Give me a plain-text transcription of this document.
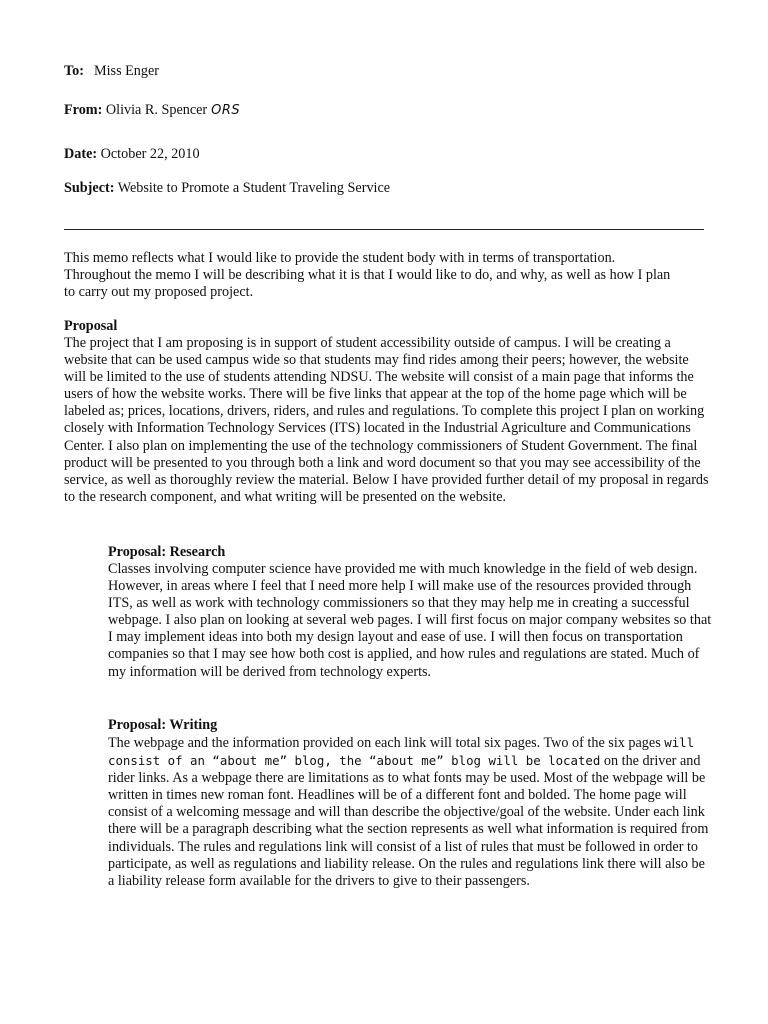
To: Miss Enger
From: Olivia R. Spencer ORS
Date: October 22, 2010
Subject: Website to Promote a Student Traveling Service

This memo reflects what I would like to provide the student body with in terms of transportation. Throughout the memo I will be describing what it is that I would like to do, and why, as well as how I plan to carry out my proposed project.

Proposal

The project that I am proposing is in support of student accessibility outside of campus. I will be creating a website that can be used campus wide so that students may find rides among their peers; however, the website will be limited to the use of students attending NDSU. The website will consist of a main page that informs the users of how the website works. There will be five links that appear at the top of the home page which will be labeled as; prices, locations, drivers, riders, and rules and regulations. To complete this project I plan on working closely with Information Technology Services (ITS) located in the Industrial Agriculture and Communications Center. I also plan on implementing the use of the technology commissioners of Student Government. The final product will be presented to you through both a link and word document so that you may see accessibility of the service, as well as thoroughly review the material. Below I have provided further detail of my proposal in regards to the research component, and what writing will be presented on the website.

Proposal: Research

Classes involving computer science have provided me with much knowledge in the field of web design. However, in areas where I feel that I need more help I will make use of the resources provided through ITS, as well as work with technology commissioners so that they may help me in creating a successful webpage. I also plan on looking at several web pages. I will first focus on major company websites so that I may implement ideas into both my design layout and ease of use. I will then focus on transportation companies so that I may see how both cost is applied, and how rules and regulations are stated. Much of my information will be derived from technology experts.

Proposal: Writing

The webpage and the information provided on each link will total six pages. Two of the six pages will consist of an “about me” blog, the “about me” blog will be located on the driver and rider links. As a webpage there are limitations as to what fonts may be used. Most of the webpage will be written in times new roman font. Headlines will be of a different font and bolded. The home page will consist of a welcoming message and will than describe the objective/goal of the website. Under each link there will be a paragraph describing what the section represents as well what information is required from individuals. The rules and regulations link will consist of a list of rules that must be followed in order to participate, as well as regulations and liability release. On the rules and regulations link there will also be a liability release form available for the drivers to give to their passengers.
